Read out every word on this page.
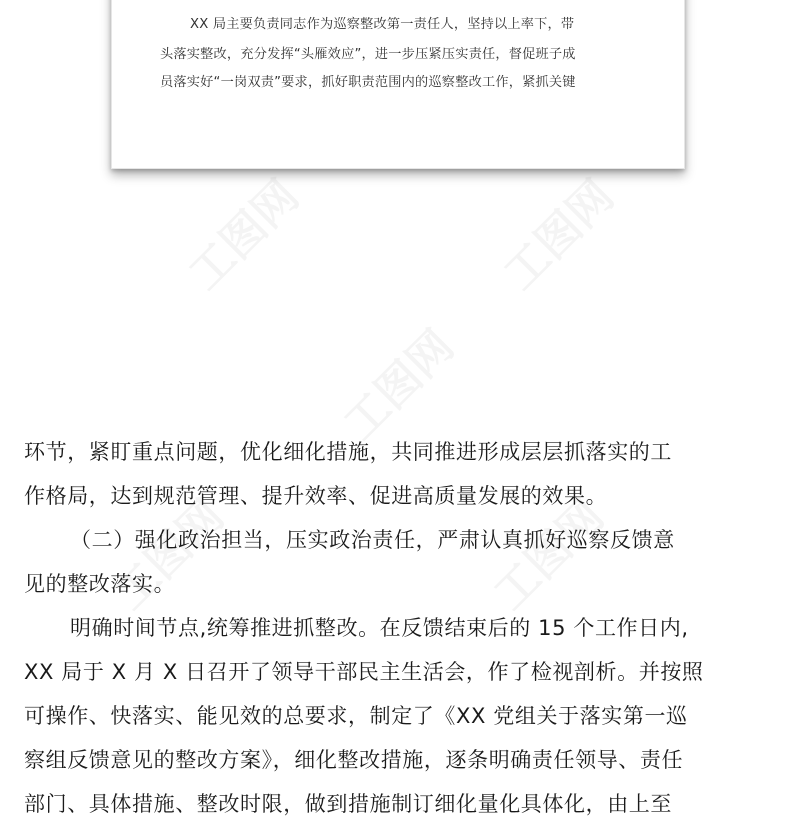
XX 局主要负责同志作为巡察整改第一责任人，坚持以上率下，带
头落实整改，充分发挥“头雁效应”，进一步压紧压实责任，督促班子成
员落实好“一岗双责”要求，抓好职责范围内的巡察整改工作，紧抓关键
环节，紧盯重点问题，优化细化措施，共同推进形成层层抓落实的工
作格局，达到规范管理、提升效率、促进高质量发展的效果。
（二）强化政治担当，压实政治责任，严肃认真抓好巡察反馈意
见的整改落实。
明确时间节点,统筹推进抓整改。在反馈结束后的 15 个工作日内,
XX 局于 X 月 X 日召开了领导干部民主生活会，作了检视剖析。并按照
可操作、快落实、能见效的总要求，制定了《XX 党组关于落实第一巡
察组反馈意见的整改方案》，细化整改措施，逐条明确责任领导、责任
部门、具体措施、整改时限，做到措施制订细化量化具体化，由上至
